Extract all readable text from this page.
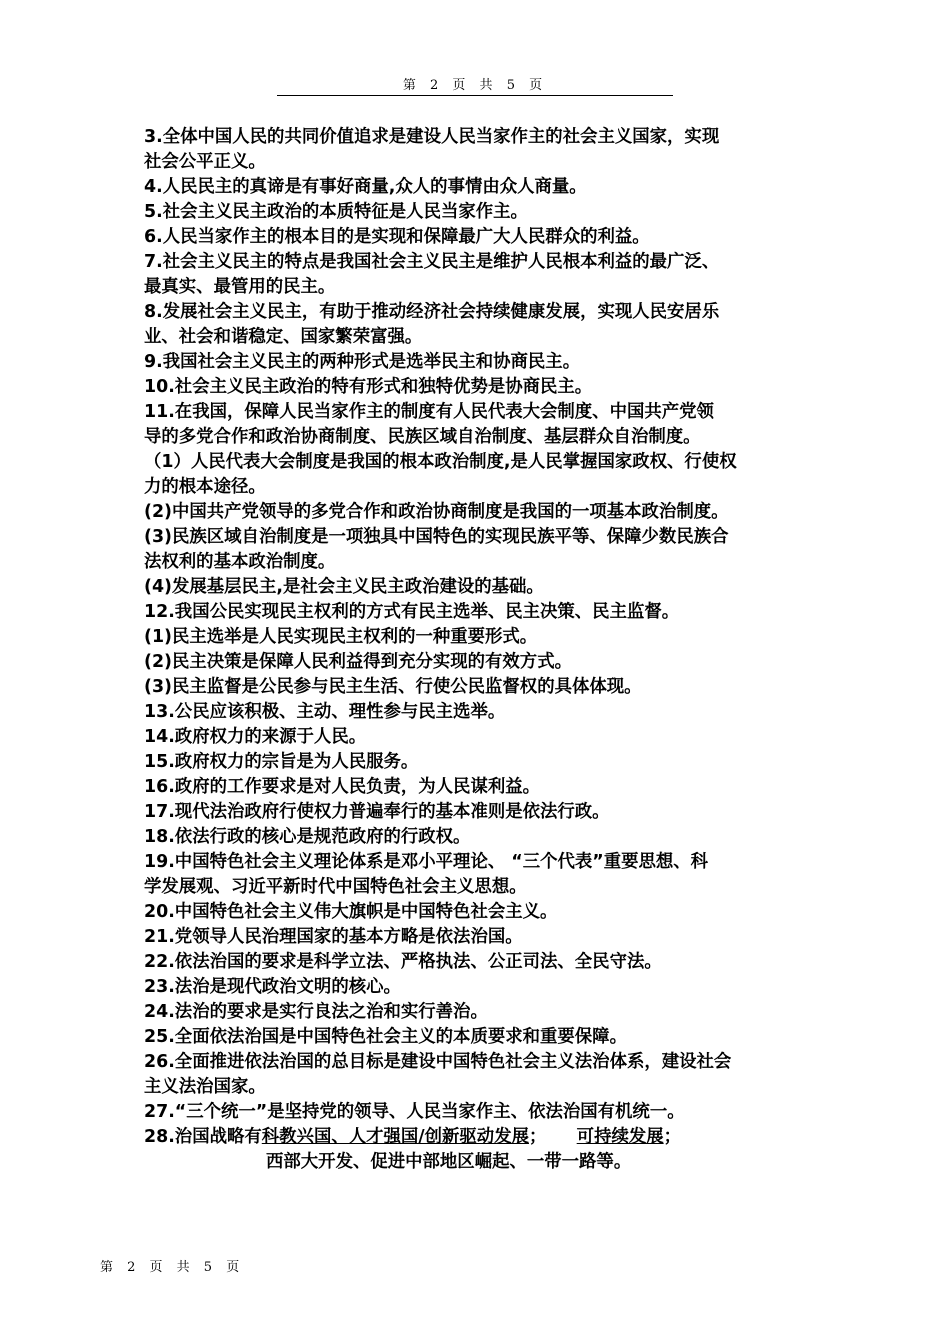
第 2 页 共 5 页

3.全体中国人民的共同价值追求是建设人民当家作主的社会主义国家，实现

社会公平正义。

4.人民民主的真谛是有事好商量,众人的事情由众人商量。

5.社会主义民主政治的本质特征是人民当家作主。

6.人民当家作主的根本目的是实现和保障最广大人民群众的利益。

7.社会主义民主的特点是我国社会主义民主是维护人民根本利益的最广泛、

最真实、最管用的民主。

8.发展社会主义民主，有助于推动经济社会持续健康发展，实现人民安居乐

业、社会和谐稳定、国家繁荣富强。

9.我国社会主义民主的两种形式是选举民主和协商民主。

10.社会主义民主政治的特有形式和独特优势是协商民主。

11.在我国，保障人民当家作主的制度有人民代表大会制度、中国共产党领

导的多党合作和政治协商制度、民族区域自治制度、基层群众自治制度。

（1）人民代表大会制度是我国的根本政治制度,是人民掌握国家政权、行使权

力的根本途径。

(2)中国共产党领导的多党合作和政治协商制度是我国的一项基本政治制度。

(3)民族区域自治制度是一项独具中国特色的实现民族平等、保障少数民族合

法权利的基本政治制度。

(4)发展基层民主,是社会主义民主政治建设的基础。

12.我国公民实现民主权利的方式有民主选举、民主决策、民主监督。

(1)民主选举是人民实现民主权利的一种重要形式。

(2)民主决策是保障人民利益得到充分实现的有效方式。

(3)民主监督是公民参与民主生活、行使公民监督权的具体体现。

13.公民应该积极、主动、理性参与民主选举。

14.政府权力的来源于人民。

15.政府权力的宗旨是为人民服务。

16.政府的工作要求是对人民负责，为人民谋利益。

17.现代法治政府行使权力普遍奉行的基本准则是依法行政。

18.依法行政的核心是规范政府的行政权。

19.中国特色社会主义理论体系是邓小平理论、 “三个代表”重要思想、科

学发展观、习近平新时代中国特色社会主义思想。

20.中国特色社会主义伟大旗帜是中国特色社会主义。

21.党领导人民治理国家的基本方略是依法治国。

22.依法治国的要求是科学立法、严格执法、公正司法、全民守法。

23.法治是现代政治文明的核心。

24.法治的要求是实行良法之治和实行善治。

25.全面依法治国是中国特色社会主义的本质要求和重要保障。

26.全面推进依法治国的总目标是建设中国特色社会主义法治体系，建设社会

主义法治国家。

27.“三个统一”是坚持党的领导、人民当家作主、依法治国有机统一。

28.治国战略有科教兴国、人才强国/创新驱动发展； 可持续发展；

西部大开发、促进中部地区崛起、一带一路等。

第 2 页 共 5 页
